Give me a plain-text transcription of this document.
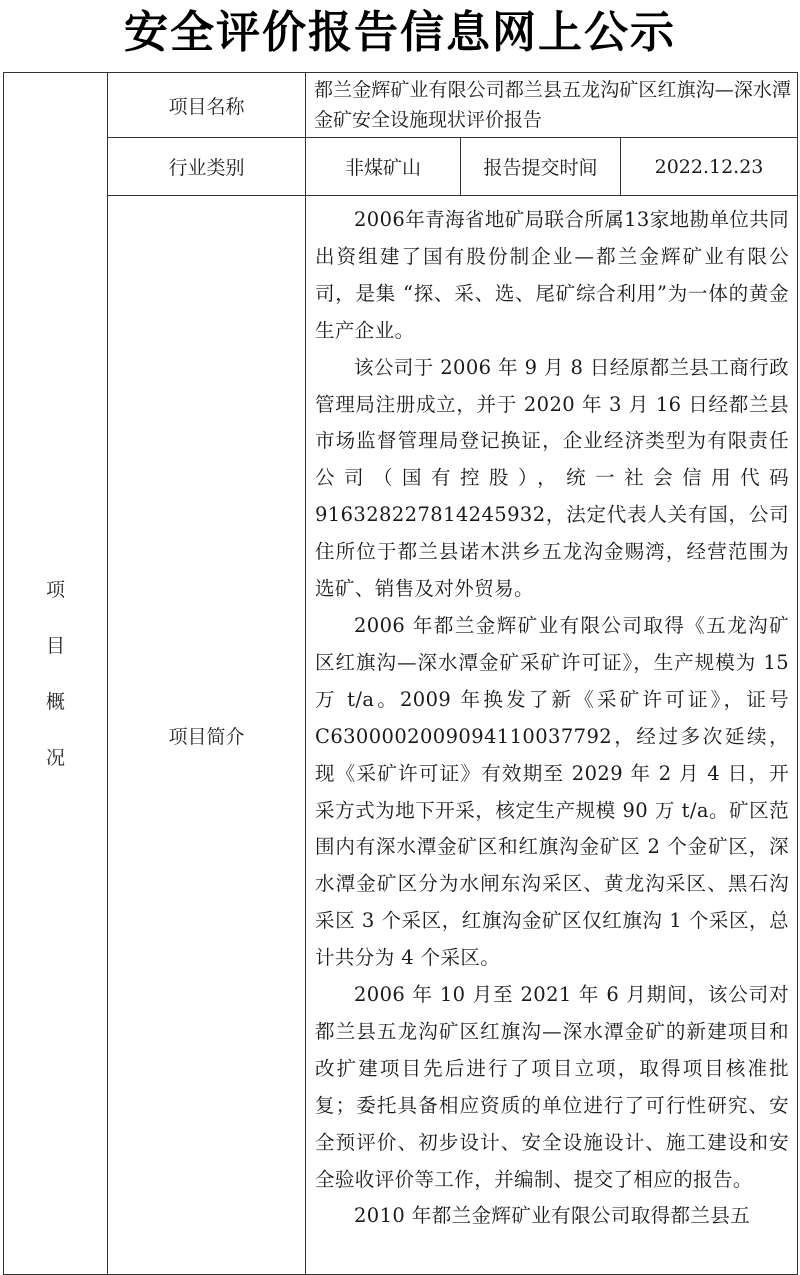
安全评价报告信息网上公示
项
目
概
况	项目名称	都兰金辉矿业有限公司都兰县五龙沟矿区红旗沟—深水潭金矿安全设施现状评价报告		
	行业类别	非煤矿山	报告提交时间	2022.12.23
	项目简介	2006年青海省地矿局联合所属13家地勘单位共同出资组建了国有股份制企业—都兰金辉矿业有限公司，是集 “探、采、选、尾矿综合利用”为一体的黄金生产企业。

该公司于 2006 年 9 月 8 日经原都兰县工商行政管理局注册成立，并于 2020 年 3 月 16 日经都兰县市场监督管理局登记换证，企业经济类型为有限责任公司（国有控股），统一社会信用代码 916328227814245932，法定代表人关有国，公司住所位于都兰县诺木洪乡五龙沟金赐湾，经营范围为选矿、销售及对外贸易。

2006 年都兰金辉矿业有限公司取得《五龙沟矿区红旗沟—深水潭金矿采矿许可证》，生产规模为 15 万 t/a。2009 年换发了新《采矿许可证》，证号 C6300002009094110037792，经过多次延续，现《采矿许可证》有效期至 2029 年 2 月 4 日，开采方式为地下开采，核定生产规模 90 万 t/a。矿区范围内有深水潭金矿区和红旗沟金矿区 2 个金矿区，深水潭金矿区分为水闸东沟采区、黄龙沟采区、黑石沟采区 3 个采区，红旗沟金矿区仅红旗沟 1 个采区，总计共分为 4 个采区。

2006 年 10 月至 2021 年 6 月期间，该公司对都兰县五龙沟矿区红旗沟—深水潭金矿的新建项目和改扩建项目先后进行了项目立项，取得项目核准批复；委托具备相应资质的单位进行了可行性研究、安全预评价、初步设计、安全设施设计、施工建设和安全验收评价等工作，并编制、提交了相应的报告。

2010 年都兰金辉矿业有限公司取得都兰县五		
